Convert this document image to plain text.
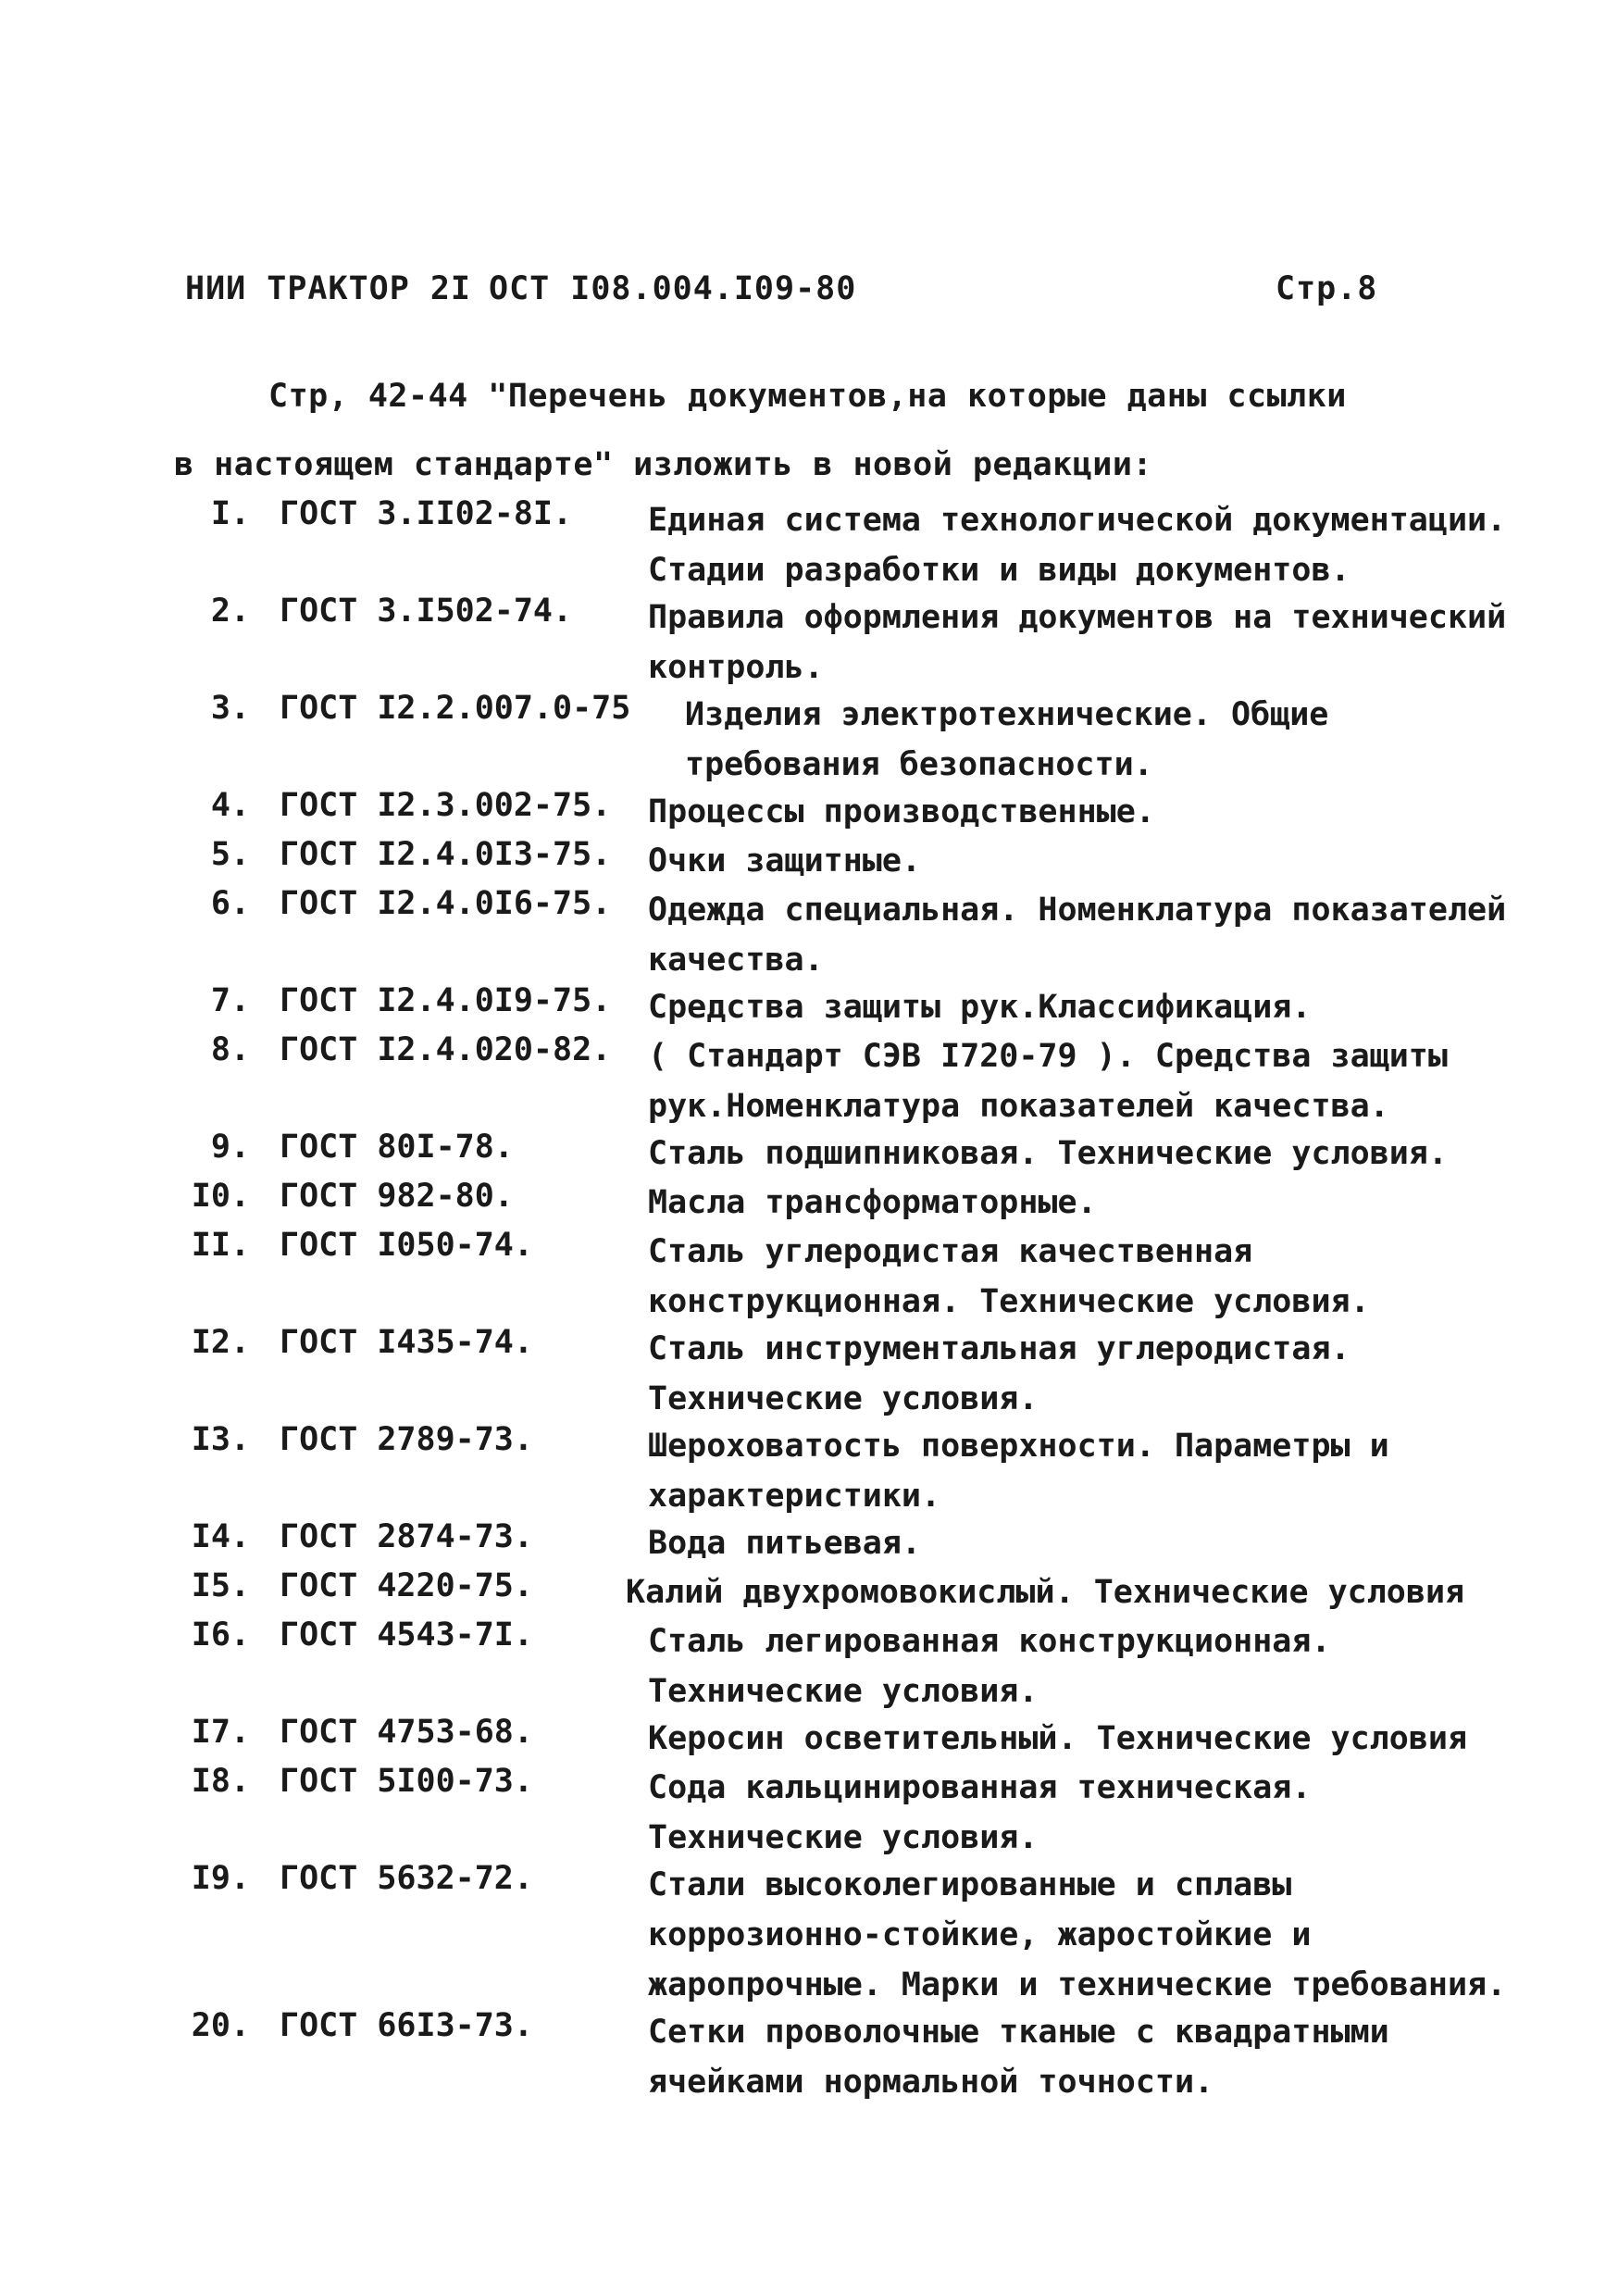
НИИ ТРАКТОР 2I ОСТ I08.004.I09-80	Стр.8
Стр, 42-44 "Перечень документов,на которые даны ссылки
в настоящем стандарте" изложить в новой редакции:
I. ГОСТ 3.II02-8I. Единая система технологической документации. Стадии разработки и виды документов.
2. ГОСТ 3.I502-74. Правила оформления документов на технический контроль.
3. ГОСТ I2.2.007.0-75 Изделия электротехнические. Общие требования безопасности.
4. ГОСТ I2.3.002-75. Процессы производственные.
5. ГОСТ I2.4.0I3-75. Очки защитные.
6. ГОСТ I2.4.0I6-75. Одежда специальная. Номенклатура показателей качества.
7. ГОСТ I2.4.0I9-75. Средства защиты рук.Классификация.
8. ГОСТ I2.4.020-82. ( Стандарт СЭВ I720-79 ). Средства защиты рук.Номенклатура показателей качества.
9. ГОСТ 80I-78.	Сталь подшипниковая. Технические условия.
I0. ГОСТ 982-80.	Масла трансформаторные.
II. ГОСТ I050-74.	Сталь углеродистая качественная конструкционная. Технические условия.
I2. ГОСТ I435-74.	Сталь инструментальная углеродистая. Технические условия.
I3. ГОСТ 2789-73.	Шероховатость поверхности. Параметры и характеристики.
I4. ГОСТ 2874-73.	Вода питьевая.
I5. ГОСТ 4220-75.	Калий двухромовокислый. Технические условия
I6. ГОСТ 4543-7I.	Сталь легированная конструкционная. Технические условия.
I7. ГОСТ 4753-68.	Керосин осветительный. Технические условия
I8. ГОСТ 5I00-73.	Сода кальцинированная техническая. Технические условия.
I9. ГОСТ 5632-72.	Стали высоколегированные и сплавы коррозионно-стойкие, жаростойкие и жаропрочные. Марки и технические требования.
20. ГОСТ 66I3-73.	Сетки проволочные тканые с квадратными ячейками нормальной точности.
